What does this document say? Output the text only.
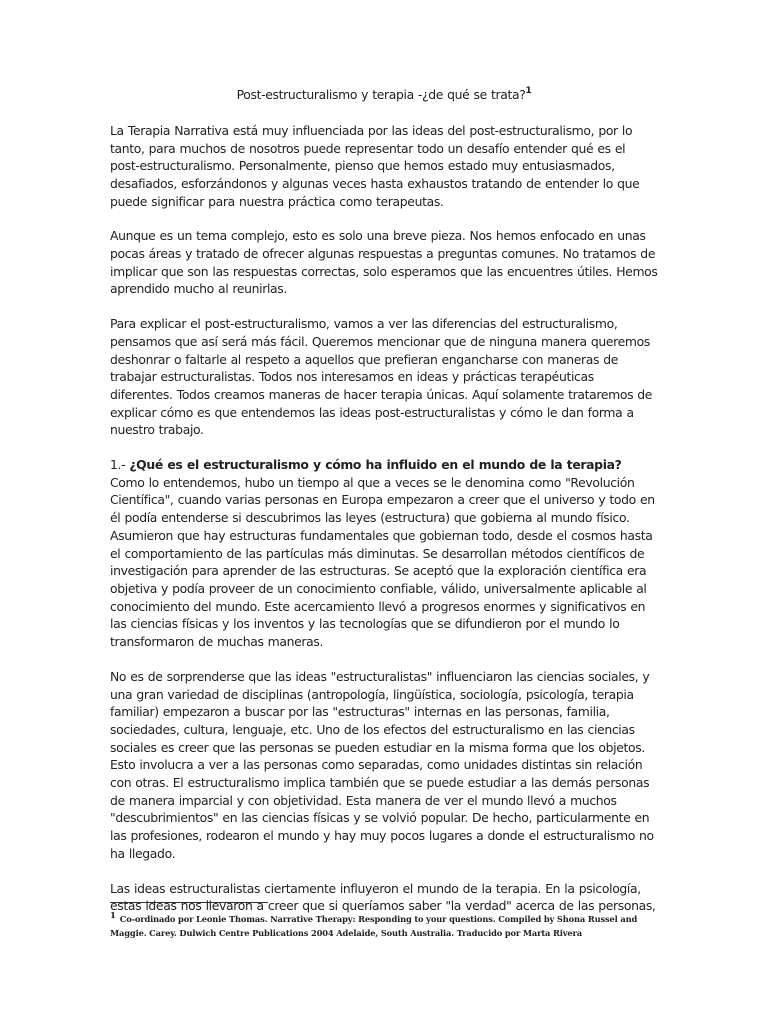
Post-estructuralismo y terapia -¿de qué se trata?$^1$

La Terapia Narrativa está muy influenciada por las ideas del post-estructuralismo, por lo tanto, para muchos de nosotros puede representar todo un desafío entender qué es el post-estructuralismo. Personalmente, pienso que hemos estado muy entusiasmados, desafiados, esforzándonos y algunas veces hasta exhaustos tratando de entender lo que puede significar para nuestra práctica como terapeutas.

Aunque es un tema complejo, esto es solo una breve pieza. Nos hemos enfocado en unas pocas áreas y tratado de ofrecer algunas respuestas a preguntas comunes. No tratamos de implicar que son las respuestas correctas, solo esperamos que las encuentres útiles. Hemos aprendido mucho al reunirlas.

Para explicar el post-estructuralismo, vamos a ver las diferencias del estructuralismo, pensamos que así será más fácil. Queremos mencionar que de ninguna manera queremos deshonrar o faltarle al respeto a aquellos que prefieran engancharse con maneras de trabajar estructuralistas. Todos nos interesamos en ideas y prácticas terapéuticas diferentes. Todos creamos maneras de hacer terapia únicas. Aquí solamente trataremos de explicar cómo es que entendemos las ideas post-estructuralistas y cómo le dan forma a nuestro trabajo.

1.- ¿Qué es el estructuralismo y cómo ha influido en el mundo de la terapia?

Como lo entendemos, hubo un tiempo al que a veces se le denomina como "Revolución Científica", cuando varias personas en Europa empezaron a creer que el universo y todo en él podía entenderse si descubrimos las leyes (estructura) que gobierna al mundo físico. Asumieron que hay estructuras fundamentales que gobiernan todo, desde el cosmos hasta el comportamiento de las partículas más diminutas. Se desarrollan métodos científicos de investigación para aprender de las estructuras. Se aceptó que la exploración científica era objetiva y podía proveer de un conocimiento confiable, válido, universalmente aplicable al conocimiento del mundo. Este acercamiento llevó a progresos enormes y significativos en las ciencias físicas y los inventos y las tecnologías que se difundieron por el mundo lo transformaron de muchas maneras.

No es de sorprenderse que las ideas "estructuralistas" influenciaron las ciencias sociales, y una gran variedad de disciplinas (antropología, lingüística, sociología, psicología, terapia familiar) empezaron a buscar por las "estructuras" internas en las personas, familia, sociedades, cultura, lenguaje, etc. Uno de los efectos del estructuralismo en las ciencias sociales es creer que las personas se pueden estudiar en la misma forma que los objetos. Esto involucra a ver a las personas como separadas, como unidades distintas sin relación con otras. El estructuralismo implica también que se puede estudiar a las demás personas de manera imparcial y con objetividad. Esta manera de ver el mundo llevó a muchos "descubrimientos" en las ciencias físicas y se volvió popular. De hecho, particularmente en las profesiones, rodearon el mundo y hay muy pocos lugares a donde el estructuralismo no ha llegado.

Las ideas estructuralistas ciertamente influyeron el mundo de la terapia. En la psicología, estas ideas nos llevaron a creer que si queríamos saber "la verdad" acerca de las personas,

$^1$ Co-ordinado por Leonie Thomas. Narrative Therapy: Responding to your questions. Compiled by Shona Russel and Maggie. Carey. Dulwich Centre Publications 2004 Adelaide, South Australia. Traducido por Marta Rivera
